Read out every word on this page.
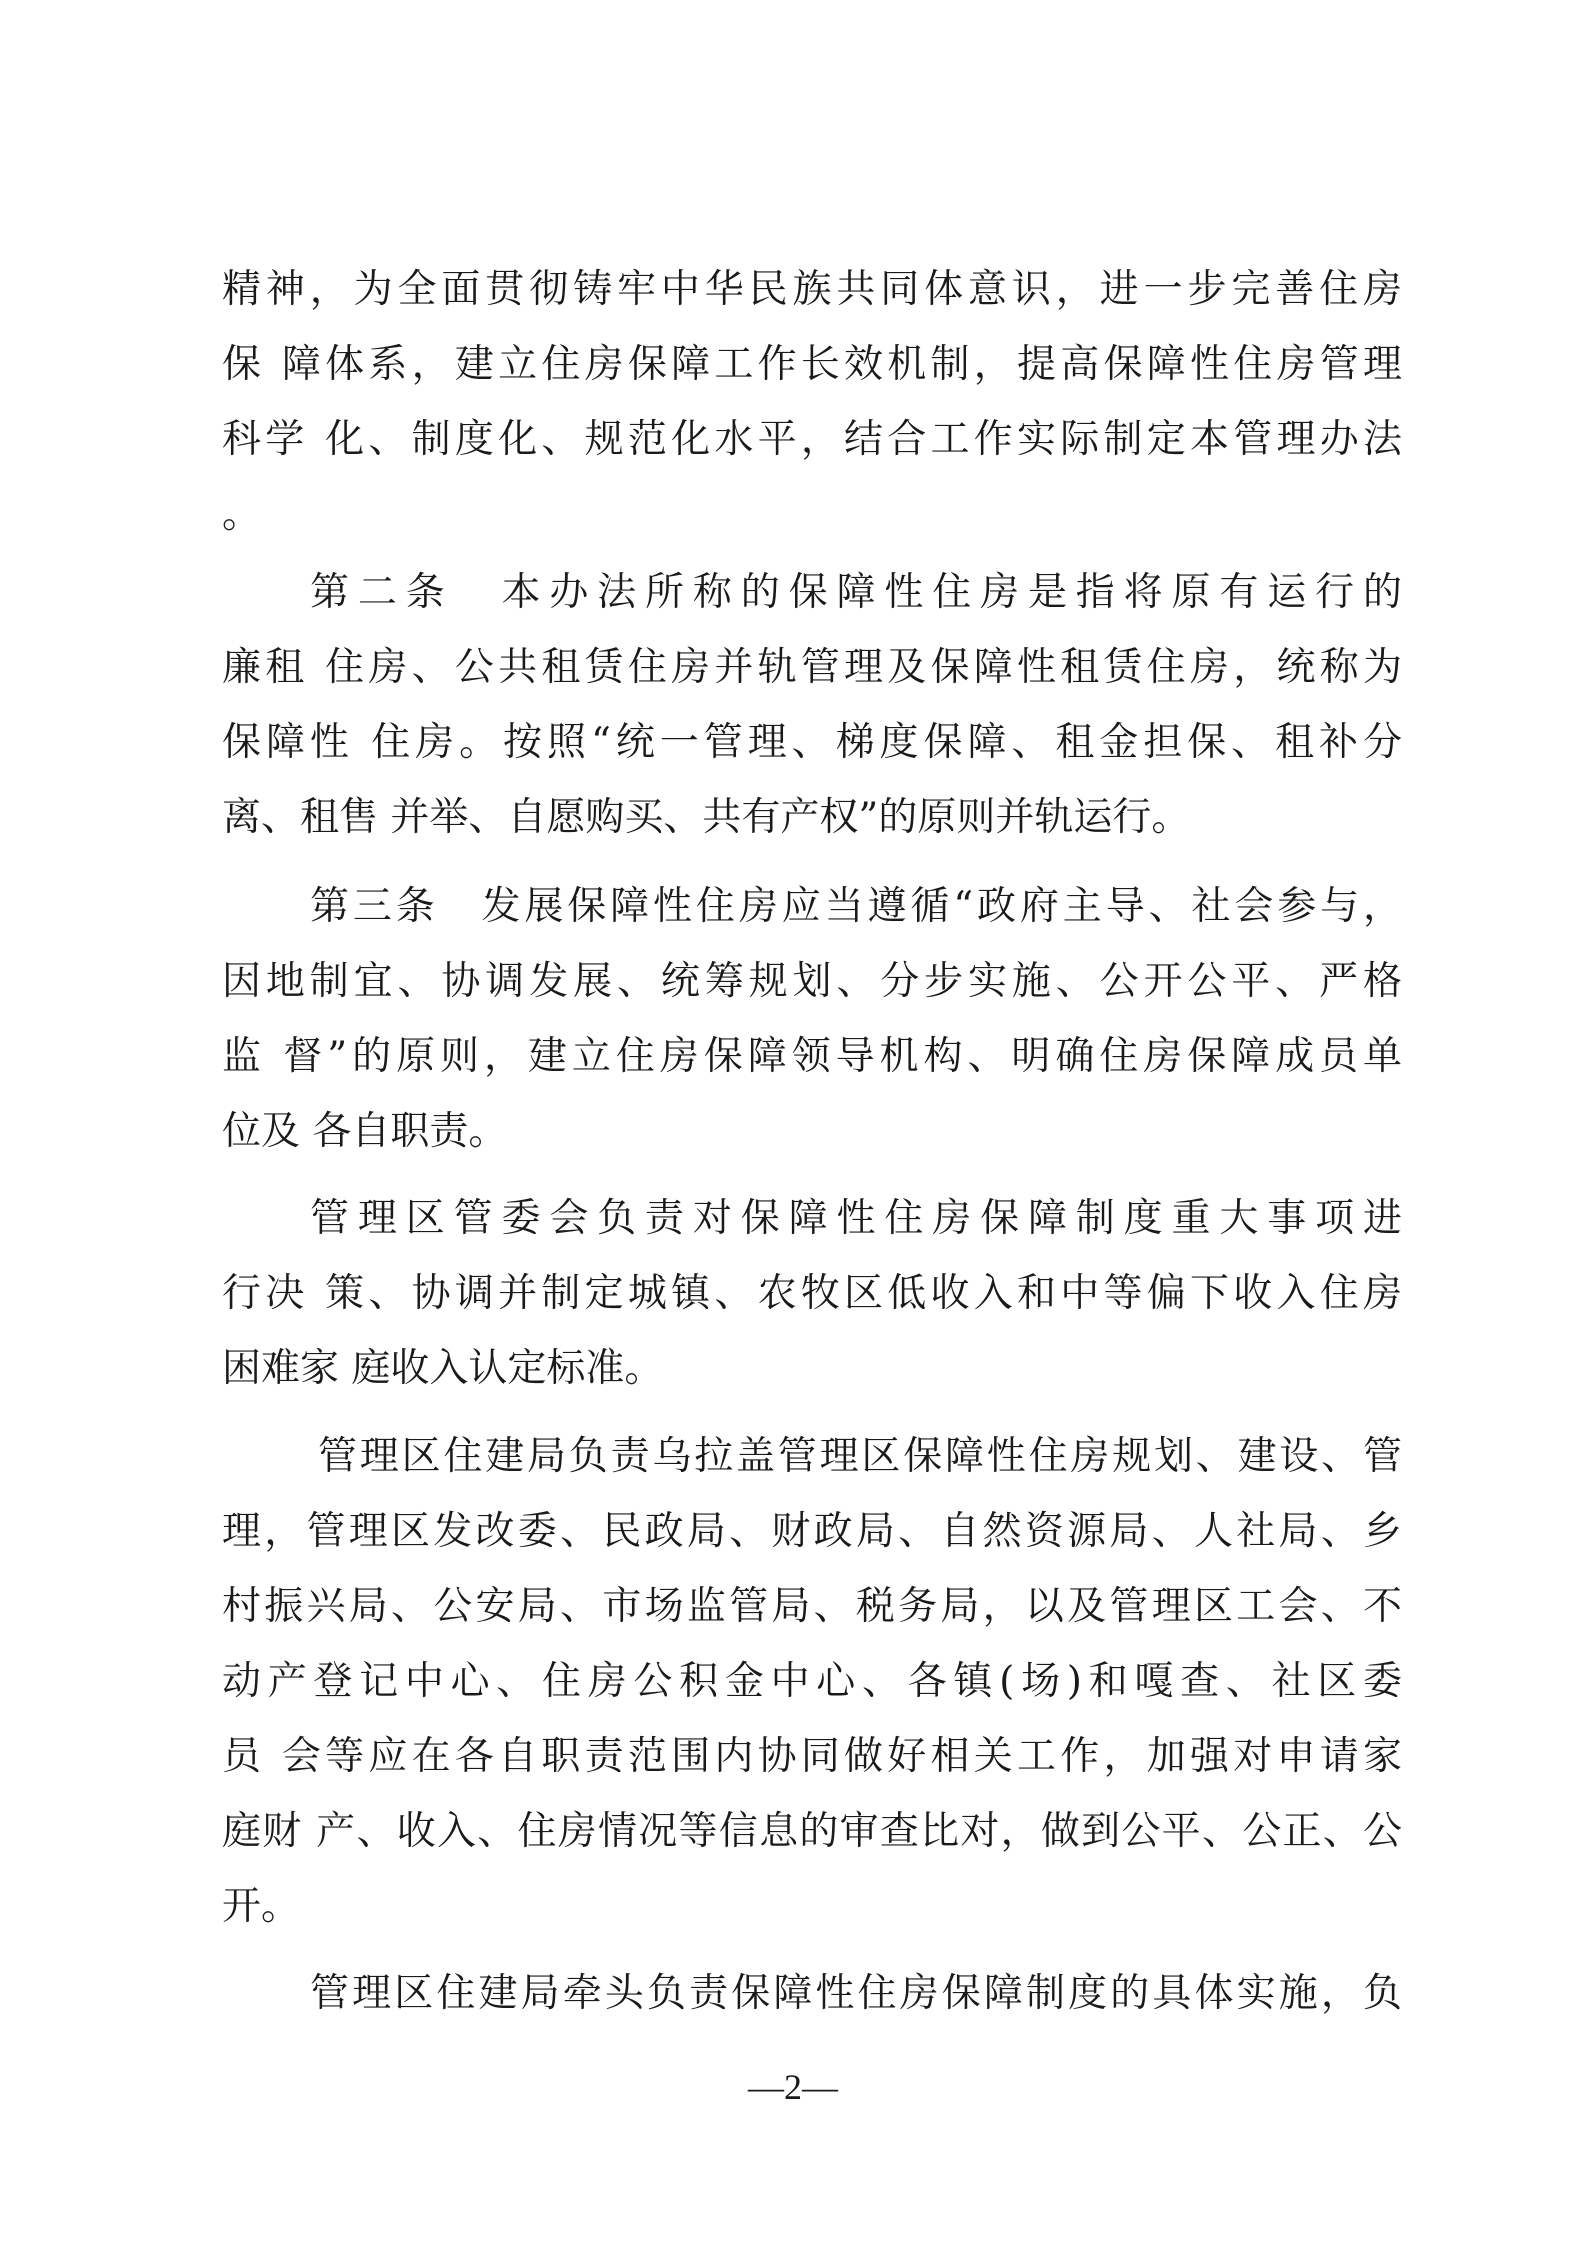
精神，为全面贯彻铸牢中华民族共同体意识，进一步完善住房
保 障体系，建立住房保障工作长效机制，提高保障性住房管理
科学 化、制度化、规范化水平，结合工作实际制定本管理办法
。
第二条　本办法所称的保障性住房是指将原有运行的
廉租 住房、公共租赁住房并轨管理及保障性租赁住房，统称为
保障性 住房。按照“统一管理、梯度保障、租金担保、租补分
离、租售 并举、自愿购买、共有产权”的原则并轨运行。
第三条　发展保障性住房应当遵循“政府主导、社会参与，
因地制宜、协调发展、统筹规划、分步实施、公开公平、严格
监 督”的原则，建立住房保障领导机构、明确住房保障成员单
位及 各自职责。
管理区管委会负责对保障性住房保障制度重大事项进
行决 策、协调并制定城镇、农牧区低收入和中等偏下收入住房
困难家 庭收入认定标准。
管理区住建局负责乌拉盖管理区保障性住房规划、建设、管
理，管理区发改委、民政局、财政局、自然资源局、人社局、乡
村振兴局、公安局、市场监管局、税务局，以及管理区工会、不
动产登记中心、住房公积金中心、各镇(场)和嘎查、社区委
员 会等应在各自职责范围内协同做好相关工作，加强对申请家
庭财 产、收入、住房情况等信息的审查比对，做到公平、公正、公
开。
管理区住建局牵头负责保障性住房保障制度的具体实施，负
—2—
